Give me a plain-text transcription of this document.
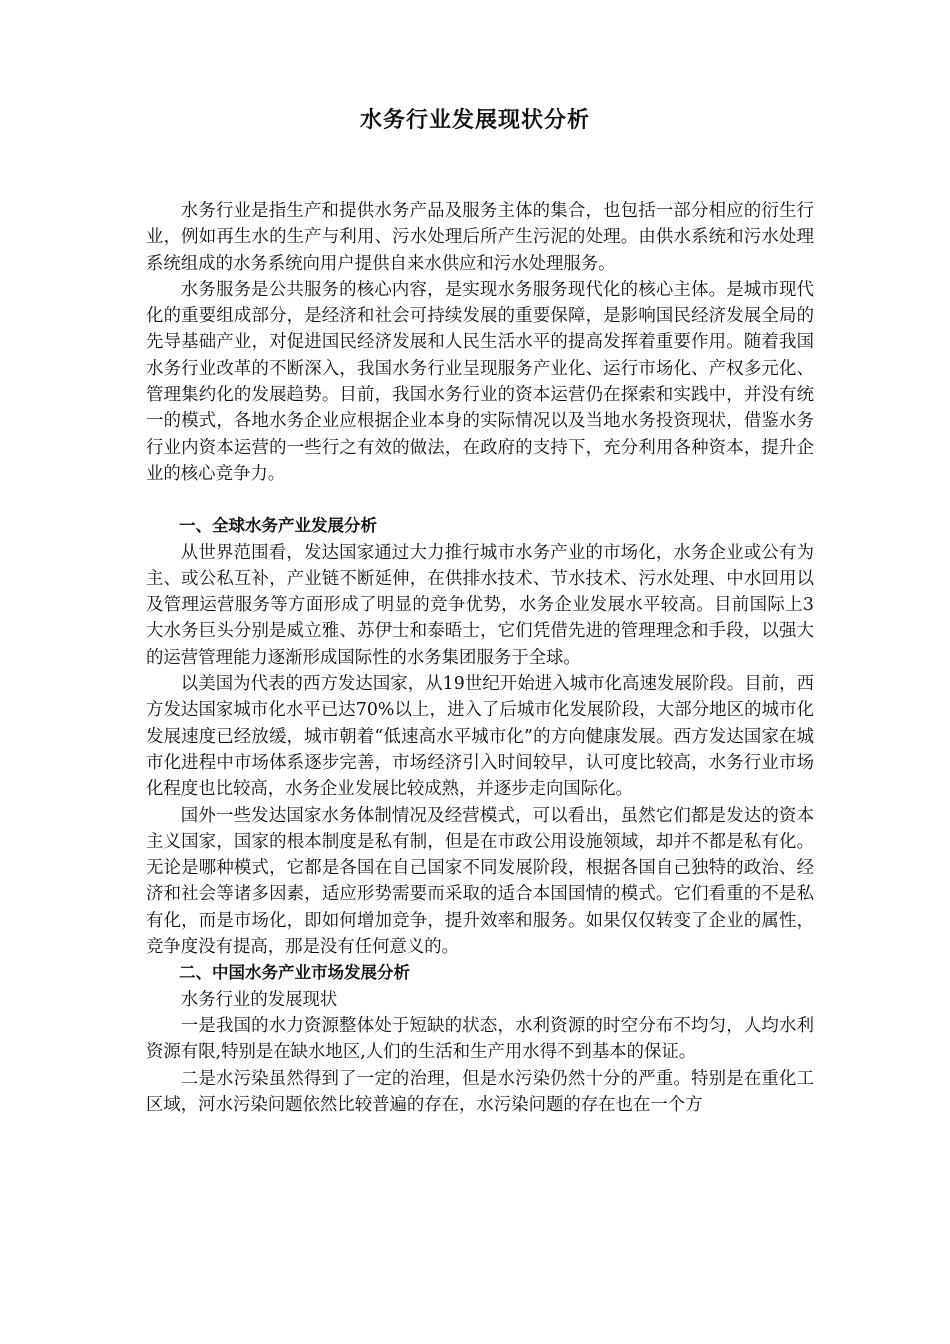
水务行业发展现状分析

水务行业是指生产和提供水务产品及服务主体的集合，也包括一部分相应的衍生行业，例如再生水的生产与利用、污水处理后所产生污泥的处理。由供水系统和污水处理系统组成的水务系统向用户提供自来水供应和污水处理服务。

水务服务是公共服务的核心内容，是实现水务服务现代化的核心主体。是城市现代化的重要组成部分，是经济和社会可持续发展的重要保障，是影响国民经济发展全局的先导基础产业，对促进国民经济发展和人民生活水平的提高发挥着重要作用。随着我国水务行业改革的不断深入，我国水务行业呈现服务产业化、运行市场化、产权多元化、管理集约化的发展趋势。目前，我国水务行业的资本运营仍在探索和实践中，并没有统一的模式，各地水务企业应根据企业本身的实际情况以及当地水务投资现状，借鉴水务行业内资本运营的一些行之有效的做法，在政府的支持下，充分利用各种资本，提升企业的核心竞争力。

一、全球水务产业发展分析

从世界范围看，发达国家通过大力推行城市水务产业的市场化，水务企业或公有为主、或公私互补，产业链不断延伸，在供排水技术、节水技术、污水处理、中水回用以及管理运营服务等方面形成了明显的竞争优势，水务企业发展水平较高。目前国际上3大水务巨头分别是威立雅、苏伊士和泰晤士，它们凭借先进的管理理念和手段，以强大的运营管理能力逐渐形成国际性的水务集团服务于全球。

以美国为代表的西方发达国家，从19世纪开始进入城市化高速发展阶段。目前，西方发达国家城市化水平已达70%以上，进入了后城市化发展阶段，大部分地区的城市化发展速度已经放缓，城市朝着“低速高水平城市化”的方向健康发展。西方发达国家在城市化进程中市场体系逐步完善，市场经济引入时间较早，认可度比较高，水务行业市场化程度也比较高，水务企业发展比较成熟，并逐步走向国际化。

国外一些发达国家水务体制情况及经营模式，可以看出，虽然它们都是发达的资本主义国家，国家的根本制度是私有制，但是在市政公用设施领域，却并不都是私有化。无论是哪种模式，它都是各国在自己国家不同发展阶段，根据各国自己独特的政治、经济和社会等诸多因素，适应形势需要而采取的适合本国国情的模式。它们看重的不是私有化，而是市场化，即如何增加竞争，提升效率和服务。如果仅仅转变了企业的属性，竞争度没有提高，那是没有任何意义的。

二、中国水务产业市场发展分析

水务行业的发展现状

一是我国的水力资源整体处于短缺的状态，水利资源的时空分布不均匀，人均水利资源有限,特别是在缺水地区,人们的生活和生产用水得不到基本的保证。

二是水污染虽然得到了一定的治理，但是水污染仍然十分的严重。特别是在重化工区域，河水污染问题依然比较普遍的存在，水污染问题的存在也在一个方
